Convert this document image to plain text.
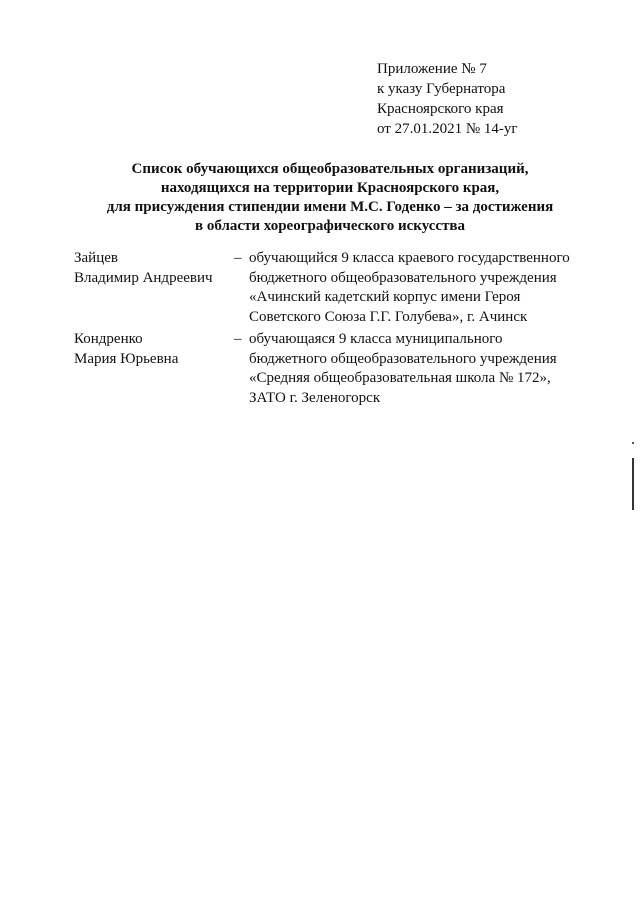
Приложение № 7
к указу Губернатора
Красноярского края
от 27.01.2021 № 14-уг
Список обучающихся общеобразовательных организаций,
находящихся на территории Красноярского края,
для присуждения стипендии имени М.С. Годенко – за достижения
в области хореографического искусства
Зайцев
Владимир Андреевич
– обучающийся 9 класса краевого государственного
бюджетного общеобразовательного учреждения
«Ачинский кадетский корпус имени Героя
Советского Союза Г.Г. Голубева», г. Ачинск
Кондренко
Мария Юрьевна
– обучающаяся 9 класса муниципального
бюджетного общеобразовательного учреждения
«Средняя общеобразовательная школа № 172»,
ЗАТО г. Зеленогорск
